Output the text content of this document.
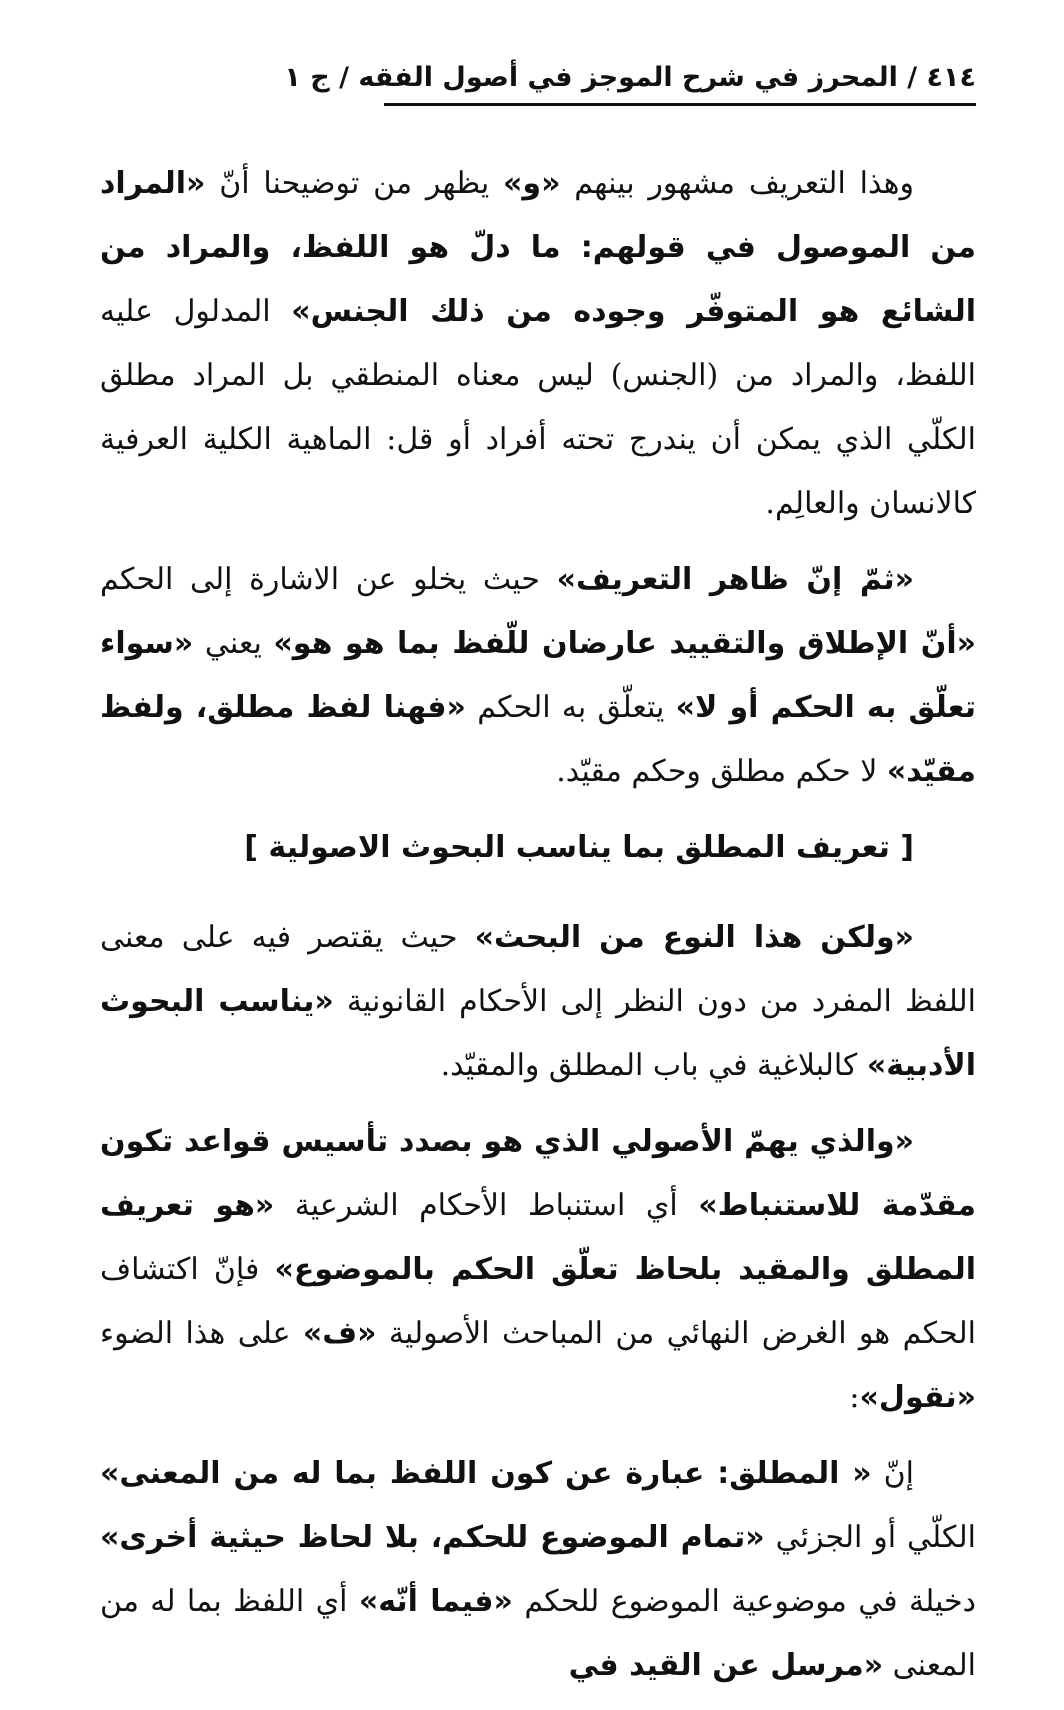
٤١٤ / المحرز في شرح الموجز في أصول الفقه / ج ١

وهذا التعريف مشهور بينهم «و» يظهر من توضيحنا أنّ «المراد من الموصول في قولهم: ما دلّ هو اللفظ، والمراد من الشائع هو المتوفّر وجوده من ذلك الجنس» المدلول عليه اللفظ، والمراد من (الجنس) ليس معناه المنطقي بل المراد مطلق الكلّي الذي يمكن أن يندرج تحته أفراد أو قل: الماهية الكلية العرفية كالانسان والعالِم.

«ثمّ إنّ ظاهر التعريف» حيث يخلو عن الاشارة إلى الحكم «أنّ الإطلاق والتقييد عارضان للّفظ بما هو هو» يعني «سواء تعلّق به الحكم أو لا» يتعلّق به الحكم «فهنا لفظ مطلق، ولفظ مقيّد» لا حكم مطلق وحكم مقيّد.

[ تعريف المطلق بما يناسب البحوث الاصولية ]

«ولكن هذا النوع من البحث» حيث يقتصر فيه على معنى اللفظ المفرد من دون النظر إلى الأحكام القانونية «يناسب البحوث الأدبية» كالبلاغية في باب المطلق والمقيّد.

«والذي يهمّ الأصولي الذي هو بصدد تأسيس قواعد تكون مقدّمة للاستنباط» أي استنباط الأحكام الشرعية «هو تعريف المطلق والمقيد بلحاظ تعلّق الحكم بالموضوع» فإنّ اكتشاف الحكم هو الغرض النهائي من المباحث الأصولية «ف» على هذا الضوء «نقول»:

إنّ « المطلق: عبارة عن كون اللفظ بما له من المعنى» الكلّي أو الجزئي «تمام الموضوع للحكم، بلا لحاظ حيثية أخرى» دخيلة في موضوعية الموضوع للحكم «فيما أنّه» أي اللفظ بما له من المعنى «مرسل عن القيد في
